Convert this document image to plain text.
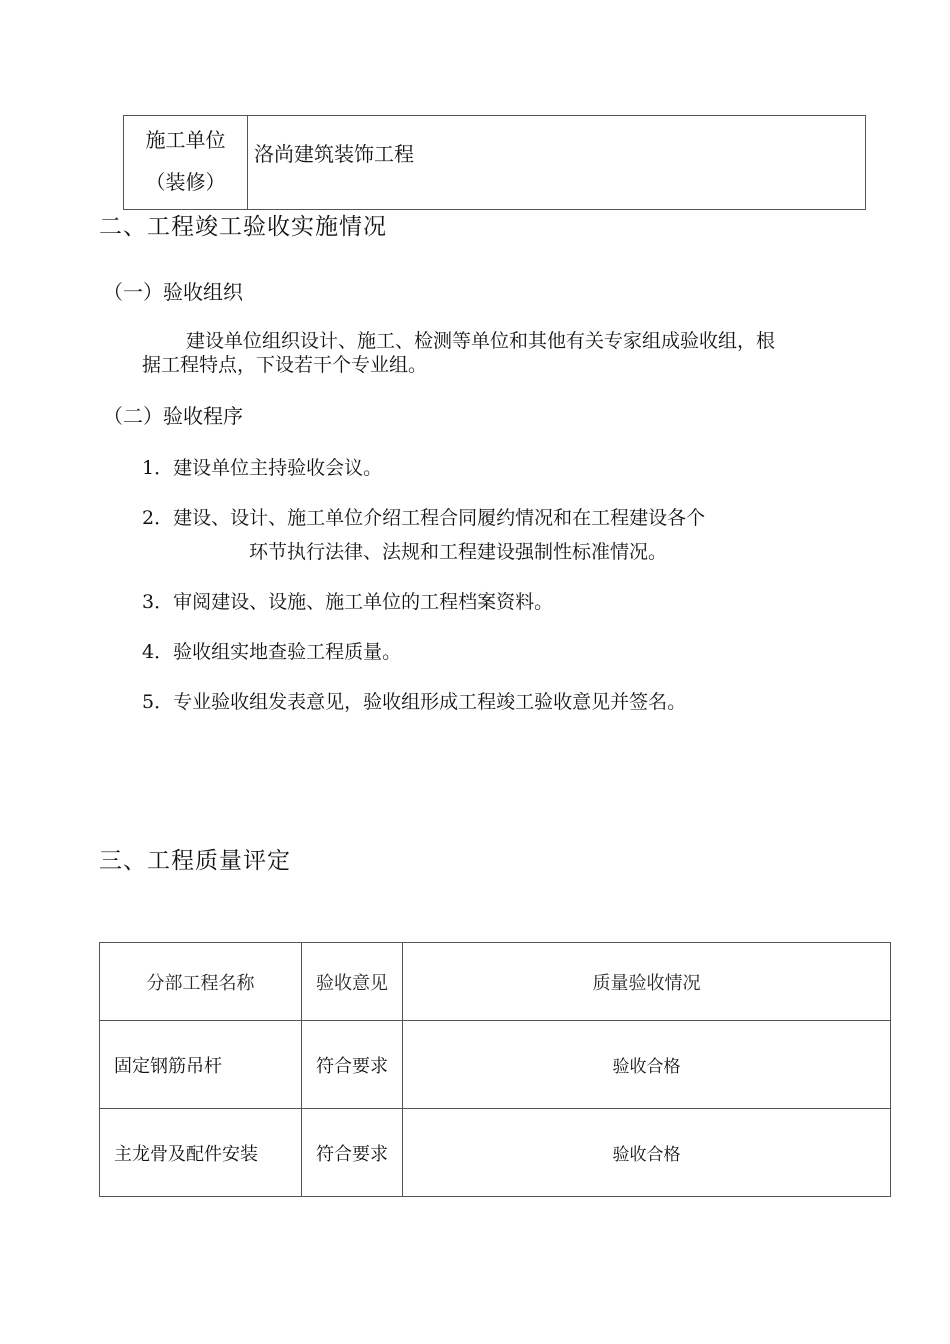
施工单位
（装修）
	洛尚建筑装饰工程
二、工程竣工验收实施情况
（一）验收组织
建设单位组织设计、施工、检测等单位和其他有关专家组成验收组，根
据工程特点，下设若干个专业组。
（二）验收程序
1．建设单位主持验收会议。
2．建设、设计、施工单位介绍工程合同履约情况和在工程建设各个
环节执行法律、法规和工程建设强制性标准情况。
3．审阅建设、设施、施工单位的工程档案资料。
4．验收组实地查验工程质量。
5．专业验收组发表意见，验收组形成工程竣工验收意见并签名。
三、工程质量评定
分部工程名称	验收意见	质量验收情况
固定钢筋吊杆	符合要求	验收合格
主龙骨及配件安装	符合要求	验收合格
